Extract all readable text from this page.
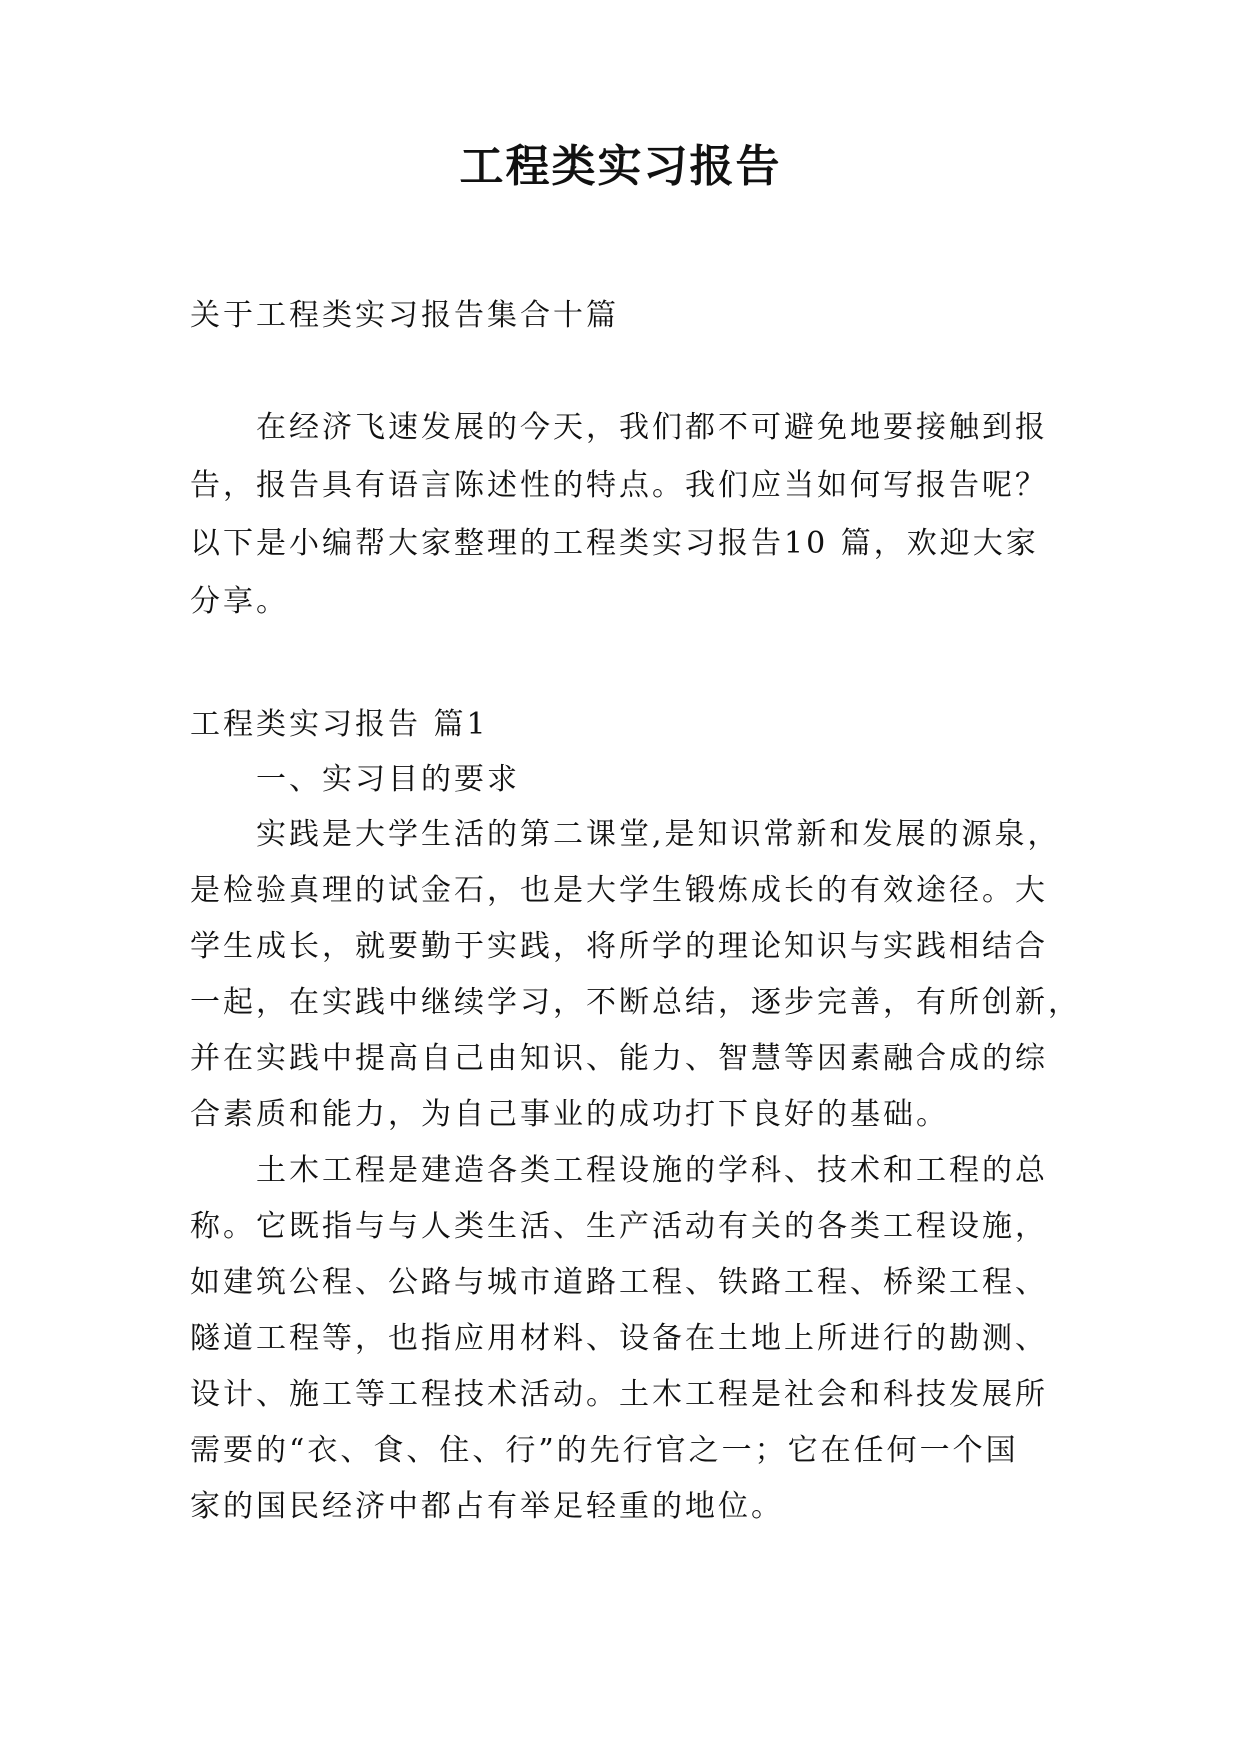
工程类实习报告
关于工程类实习报告集合十篇
在经济飞速发展的今天，我们都不可避免地要接触到报
告，报告具有语言陈述性的特点。我们应当如何写报告呢？
以下是小编帮大家整理的工程类实习报告10 篇，欢迎大家
分享。
工程类实习报告 篇1
一、实习目的要求
实践是大学生活的第二课堂,是知识常新和发展的源泉，
是检验真理的试金石，也是大学生锻炼成长的有效途径。大
学生成长，就要勤于实践，将所学的理论知识与实践相结合
一起，在实践中继续学习，不断总结，逐步完善，有所创新，
并在实践中提高自己由知识、能力、智慧等因素融合成的综
合素质和能力，为自己事业的成功打下良好的基础。
土木工程是建造各类工程设施的学科、技术和工程的总
称。它既指与与人类生活、生产活动有关的各类工程设施，
如建筑公程、公路与城市道路工程、铁路工程、桥梁工程、
隧道工程等，也指应用材料、设备在土地上所进行的勘测、
设计、施工等工程技术活动。土木工程是社会和科技发展所
需要的“衣、食、住、行”的先行官之一；它在任何一个国
家的国民经济中都占有举足轻重的地位。
